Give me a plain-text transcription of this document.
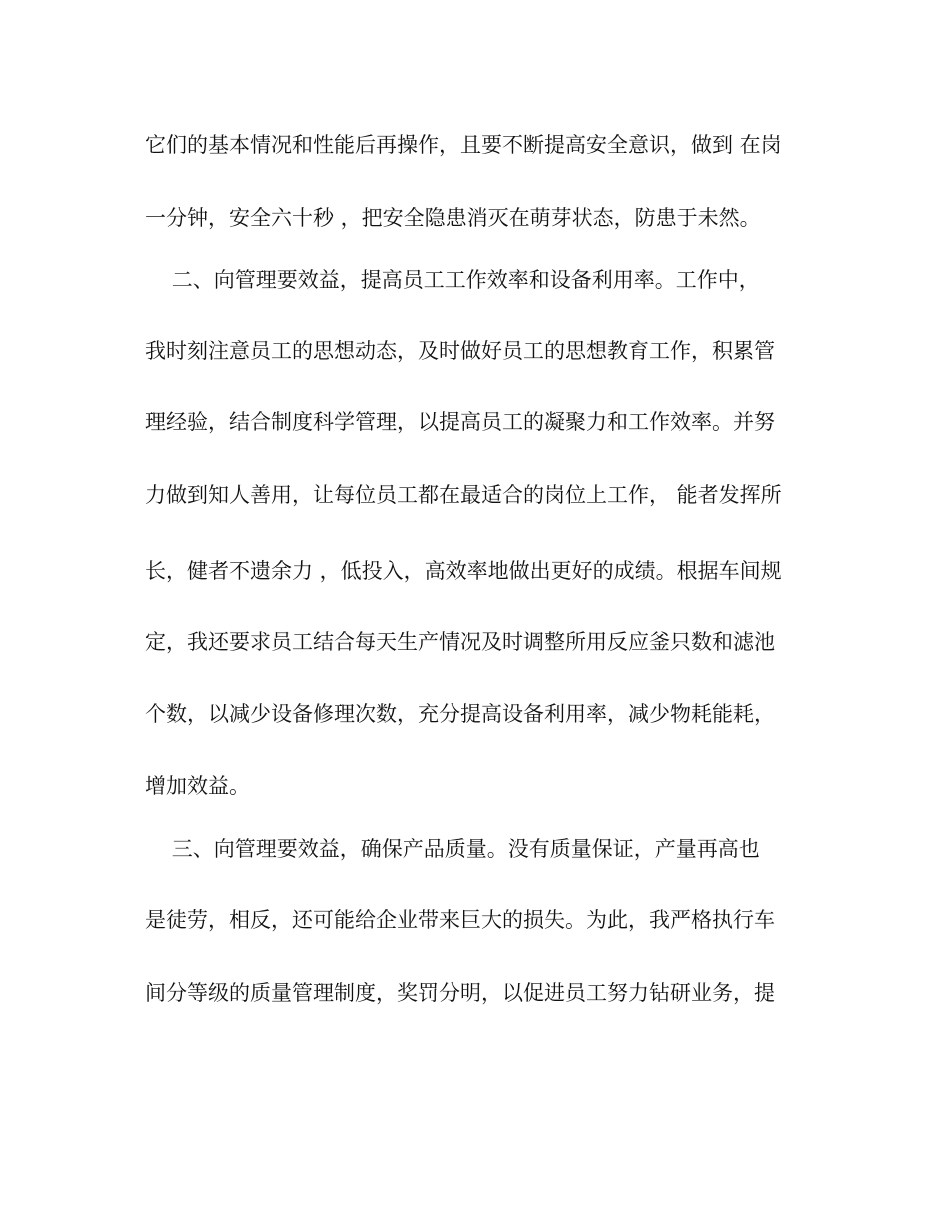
它们的基本情况和性能后再操作，且要不断提高安全意识，做到 在岗
一分钟，安全六十秒 ，把安全隐患消灭在萌芽状态，防患于未然。
二、向管理要效益，提高员工工作效率和设备利用率。工作中，
我时刻注意员工的思想动态，及时做好员工的思想教育工作，积累管
理经验，结合制度科学管理，以提高员工的凝聚力和工作效率。并努
力做到知人善用，让每位员工都在最适合的岗位上工作， 能者发挥所
长，健者不遗余力 ，低投入，高效率地做出更好的成绩。根据车间规
定，我还要求员工结合每天生产情况及时调整所用反应釜只数和滤池
个数，以减少设备修理次数，充分提高设备利用率，减少物耗能耗，
增加效益。
三、向管理要效益，确保产品质量。没有质量保证，产量再高也
是徒劳，相反，还可能给企业带来巨大的损失。为此，我严格执行车
间分等级的质量管理制度，奖罚分明，以促进员工努力钻研业务，提
